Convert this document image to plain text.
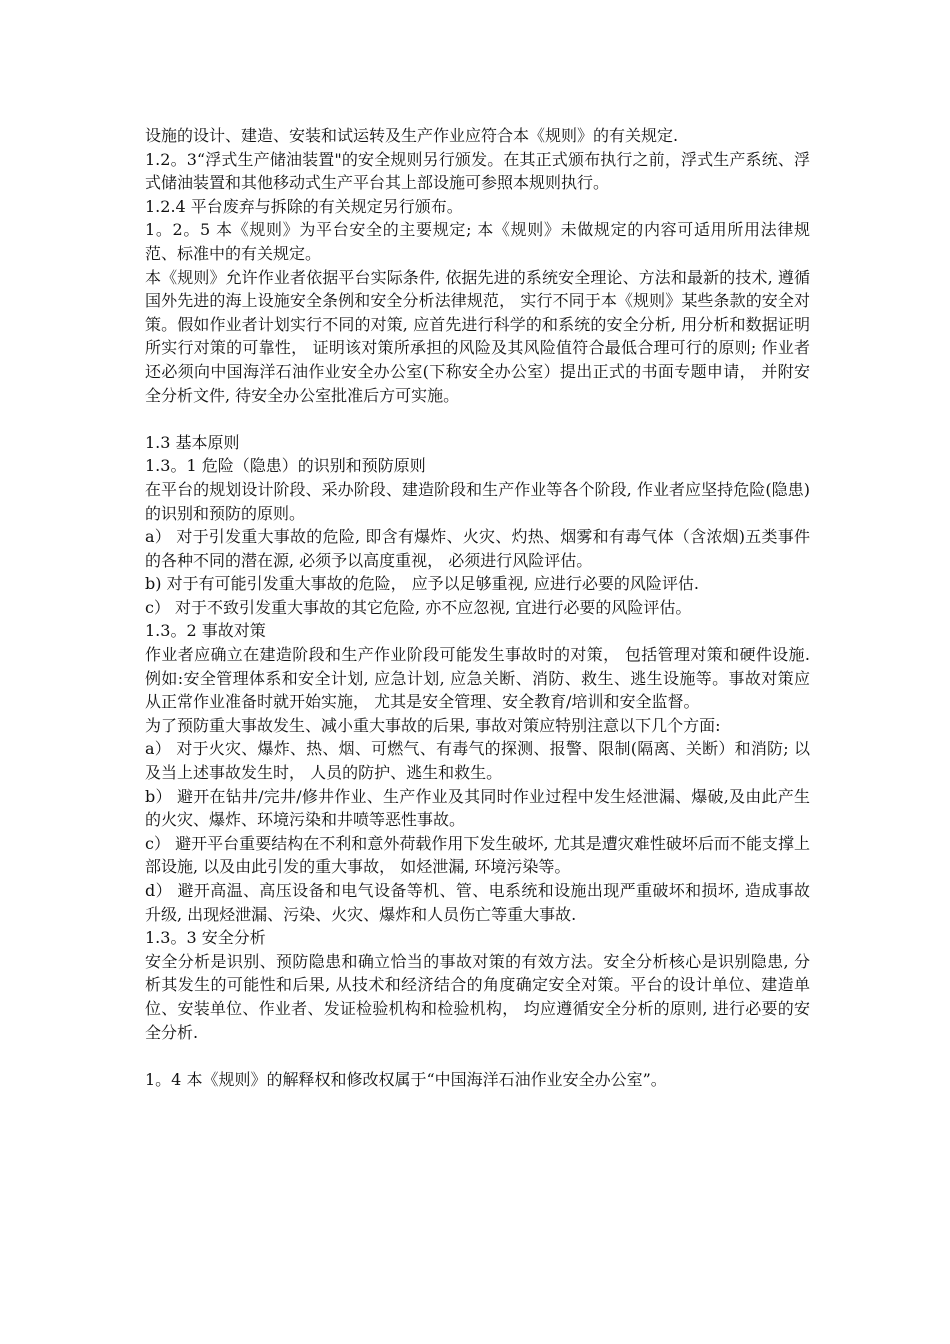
设施的设计、建造、安装和试运转及生产作业应符合本《规则》的有关规定.

1.2。3“浮式生产储油装置"的安全规则另行颁发。在其正式颁布执行之前，浮式生产系统、浮式储油装置和其他移动式生产平台其上部设施可参照本规则执行。

1.2.4 平台废弃与拆除的有关规定另行颁布。

1。2。5 本《规则》为平台安全的主要规定; 本《规则》未做规定的内容可适用所用法律规范、标准中的有关规定。

本《规则》允许作业者依据平台实际条件, 依据先进的系统安全理论、方法和最新的技术, 遵循国外先进的海上设施安全条例和安全分析法律规范， 实行不同于本《规则》某些条款的安全对策。假如作业者计划实行不同的对策, 应首先进行科学的和系统的安全分析, 用分析和数据证明所实行对策的可靠性， 证明该对策所承担的风险及其风险值符合最低合理可行的原则; 作业者还必须向中国海洋石油作业安全办公室(下称安全办公室）提出正式的书面专题申请， 并附安全分析文件, 待安全办公室批准后方可实施。

1.3 基本原则

1.3。1 危险（隐患）的识别和预防原则

在平台的规划设计阶段、采办阶段、建造阶段和生产作业等各个阶段, 作业者应坚持危险(隐患)的识别和预防的原则。

a） 对于引发重大事故的危险, 即含有爆炸、火灾、灼热、烟雾和有毒气体（含浓烟)五类事件的各种不同的潜在源, 必须予以高度重视， 必须进行风险评估。

b) 对于有可能引发重大事故的危险， 应予以足够重视, 应进行必要的风险评估.

c） 对于不致引发重大事故的其它危险, 亦不应忽视, 宜进行必要的风险评估。

1.3。2 事故对策

作业者应确立在建造阶段和生产作业阶段可能发生事故时的对策， 包括管理对策和硬件设施.例如:安全管理体系和安全计划, 应急计划, 应急关断、消防、救生、逃生设施等。事故对策应从正常作业准备时就开始实施， 尤其是安全管理、安全教育/培训和安全监督。

为了预防重大事故发生、减小重大事故的后果, 事故对策应特别注意以下几个方面:

a） 对于火灾、爆炸、热、烟、可燃气、有毒气的探测、报警、限制(隔离、关断）和消防; 以及当上述事故发生时， 人员的防护、逃生和救生。

b） 避开在钻井/完井/修井作业、生产作业及其同时作业过程中发生烃泄漏、爆破,及由此产生的火灾、爆炸、环境污染和井喷等恶性事故。

c） 避开平台重要结构在不利和意外荷载作用下发生破坏, 尤其是遭灾难性破坏后而不能支撑上部设施, 以及由此引发的重大事故， 如烃泄漏, 环境污染等。

d） 避开高温、高压设备和电气设备等机、管、电系统和设施出现严重破坏和损坏, 造成事故升级, 出现烃泄漏、污染、火灾、爆炸和人员伤亡等重大事故.

1.3。3 安全分析

安全分析是识别、预防隐患和确立恰当的事故对策的有效方法。安全分析核心是识别隐患, 分析其发生的可能性和后果, 从技术和经济结合的角度确定安全对策。平台的设计单位、建造单位、安装单位、作业者、发证检验机构和检验机构， 均应遵循安全分析的原则, 进行必要的安全分析.

1。4 本《规则》的解释权和修改权属于“中国海洋石油作业安全办公室”。
